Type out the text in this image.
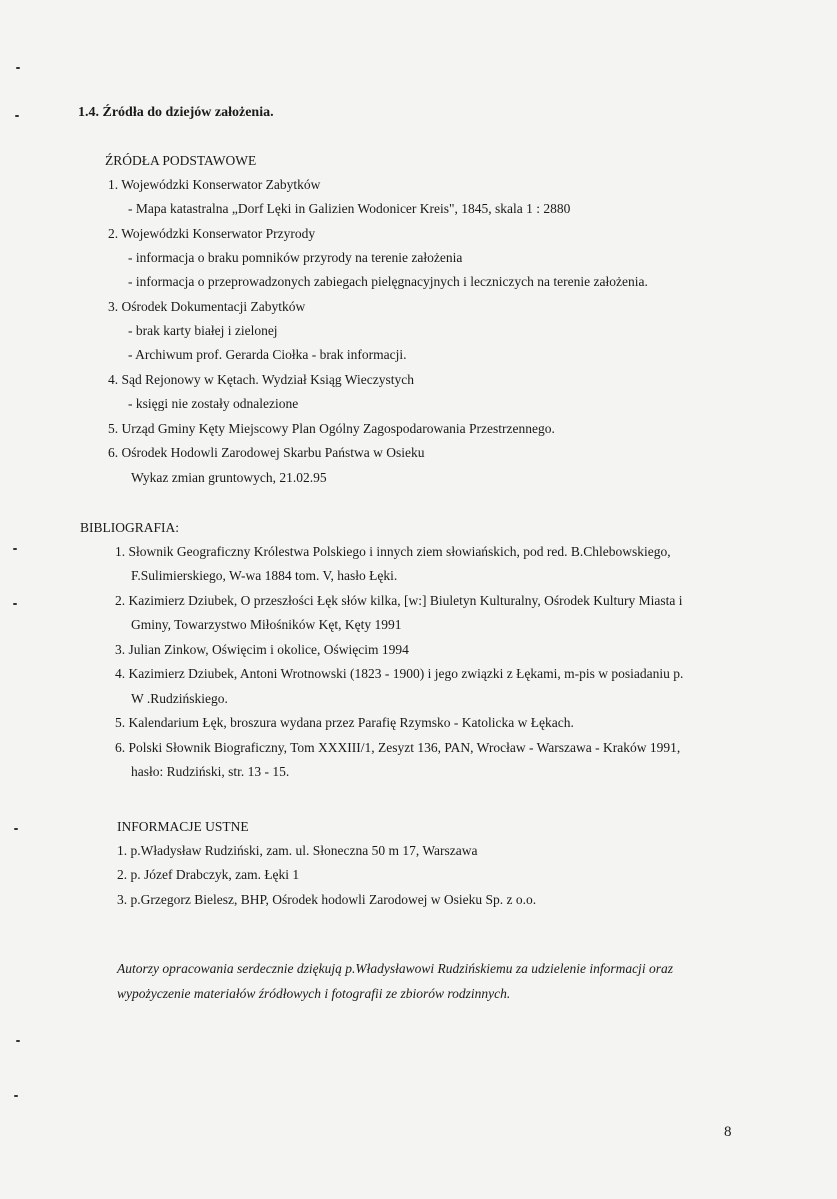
1.4. Źródła do dziejów założenia.
ŹRÓDŁA PODSTAWOWE
1. Wojewódzki Konserwator Zabytków
- Mapa katastralna „Dorf Lęki in Galizien Wodonicer Kreis", 1845, skala 1 : 2880
2. Wojewódzki Konserwator Przyrody
- informacja o braku pomników przyrody na terenie założenia
- informacja o przeprowadzonych zabiegach pielęgnacyjnych i leczniczych na terenie założenia.
3. Ośrodek Dokumentacji Zabytków
- brak karty białej i zielonej
- Archiwum prof. Gerarda Ciołka - brak informacji.
4. Sąd Rejonowy w Kętach. Wydział Ksiąg Wieczystych
- księgi nie zostały odnalezione
5. Urząd Gminy Kęty Miejscowy Plan Ogólny Zagospodarowania Przestrzennego.
6. Ośrodek Hodowli Zarodowej Skarbu Państwa w Osieku
Wykaz zmian gruntowych, 21.02.95
BIBLIOGRAFIA:
1. Słownik Geograficzny Królestwa Polskiego i innych ziem słowiańskich, pod red. B.Chlebowskiego,
F.Sulimierskiego, W-wa 1884 tom. V, hasło Łęki.
2. Kazimierz Dziubek, O przeszłości Łęk słów kilka, [w:] Biuletyn Kulturalny, Ośrodek Kultury Miasta i
Gminy, Towarzystwo Miłośników Kęt, Kęty 1991
3. Julian Zinkow, Oświęcim i okolice, Oświęcim 1994
4. Kazimierz Dziubek, Antoni Wrotnowski (1823 - 1900) i jego związki z Łękami, m-pis w posiadaniu p.
W .Rudzińskiego.
5. Kalendarium Łęk, broszura wydana przez Parafię Rzymsko - Katolicka w Łękach.
6. Polski Słownik Biograficzny, Tom XXXIII/1, Zesyzt 136, PAN, Wrocław - Warszawa - Kraków 1991,
hasło: Rudziński, str. 13 - 15.
INFORMACJE USTNE
1. p.Władysław Rudziński, zam. ul. Słoneczna 50 m 17, Warszawa
2. p. Józef Drabczyk, zam. Łęki 1
3. p.Grzegorz Bielesz, BHP, Ośrodek hodowli Zarodowej w Osieku Sp. z o.o.
Autorzy opracowania serdecznie dziękują p.Władysławowi Rudzińskiemu za udzielenie informacji oraz
wypożyczenie materiałów źródłowych i fotografii ze zbiorów rodzinnych.
8
